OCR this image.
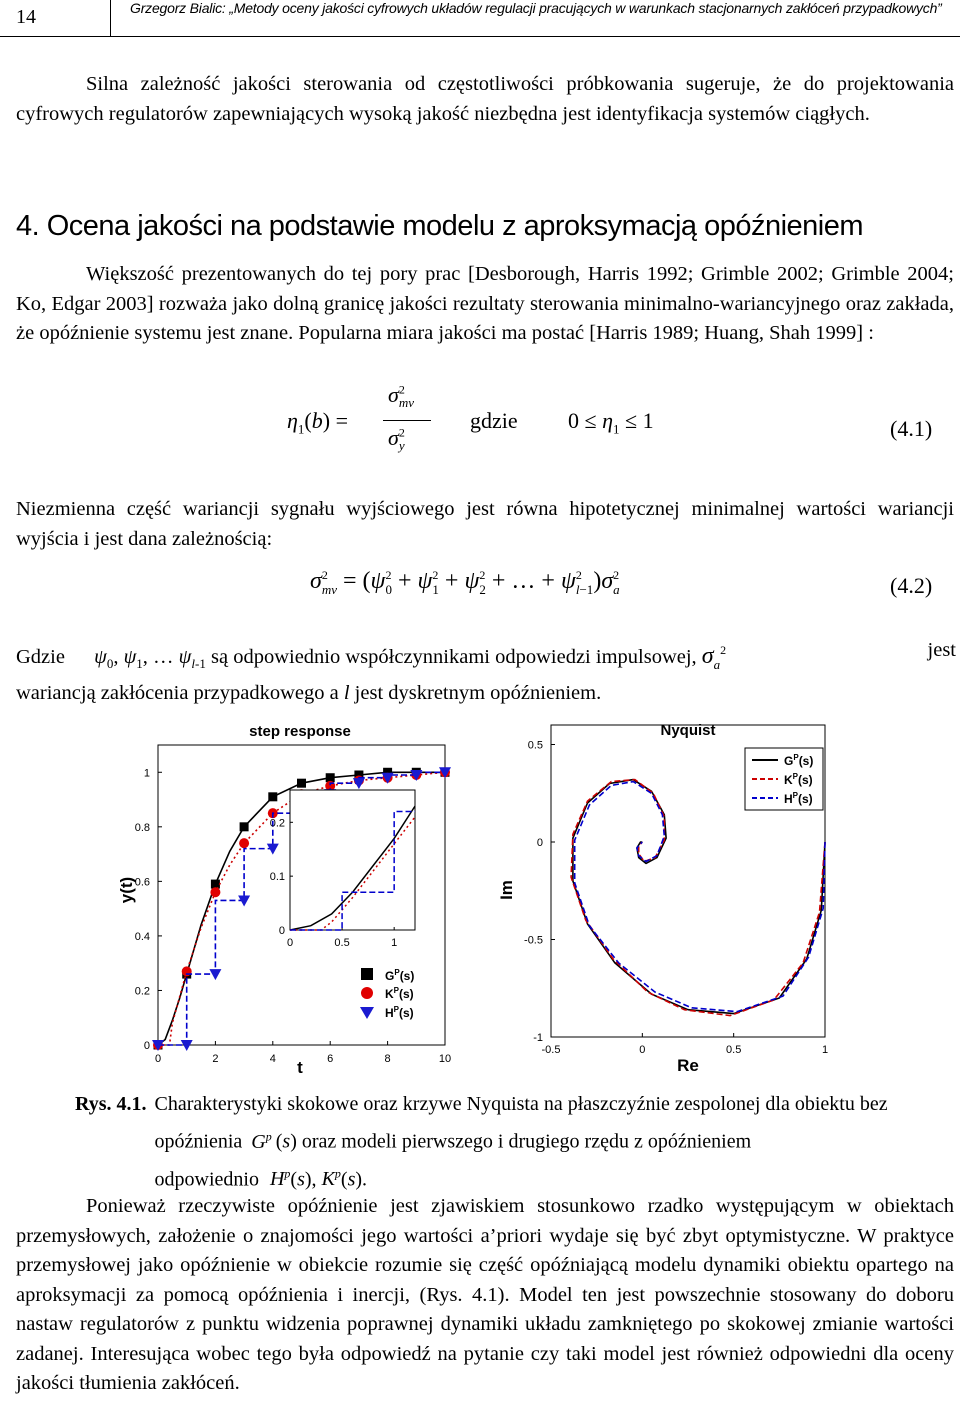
14	Grzegorz Bialic: „Metody oceny jakości cyfrowych układów regulacji pracujących w warunkach stacjonarnych zakłóceń przypadkowych”

Silna zależność jakości sterowania od częstotliwości próbkowania sugeruje, że do projektowania cyfrowych regulatorów zapewniających wysoką jakość niezbędna jest identyfikacja systemów ciągłych.

4. Ocena jakości na podstawie modelu z aproksymacją opóźnieniem

Większość prezentowanych do tej pory prac [Desborough, Harris 1992; Grimble 2002; Grimble 2004; Ko, Edgar 2003] rozważa jako dolną granicę jakości rezultaty sterowania minimalno-wariancyjnego oraz zakłada, że opóźnienie systemu jest znane. Popularna miara jakości ma postać [Harris 1989; Huang, Shah 1999] :

$\eta_1(b)$ =
$\sigma^2_{mv}$
$\sigma^2_y$
gdzie $0 \le \eta_1 \le 1$	(4.1)

Niezmienna część wariancji sygnału wyjściowego jest równa hipotetycznej minimalnej wartości wariancji wyjścia i jest dana zależnością:

$\sigma^2_{mv} = (\psi^2_0 + \psi^2_1 + \psi^2_2$ + … + $\psi^2_{l-1})\sigma^2_a$	(4.2)
Gdzie $\psi_0$, $\psi_1$, … $\psi_{l-1}$ są odpowiednio współczynnikami odpowiedzi impulsowej, $\sigma_a^2$	jest
wariancją zakłócenia przypadkowego a l jest dyskretnym opóźnieniem.
step response
t
y(t)
0	2	4	6	8	10
0
0.2
0.4
0.6
0.8
1
0	0.5	1
0
0.1
0.2
$G^P(s)$
$K^P(s)$
$H^P(s)$
Nyquist
Re
Im
-0.5	0	0.5	1
-1
-0.5
0
0.5
$G^P(s)$
$K^P(s)$
$H^P(s)$
Rys. 4.1. Charakterystyki skokowe oraz krzywe Nyquista na płaszczyźnie zespolonej dla obiektu bez opóźnienia $G^p$ (s) oraz modeli pierwszego i drugiego rzędu z opóźnieniem
odpowiednio $H^p(s)$, $K^p(s)$.

Ponieważ rzeczywiste opóźnienie jest zjawiskiem stosunkowo rzadko występującym w obiektach przemysłowych, założenie o znajomości jego wartości a’priori wydaje się być zbyt optymistyczne. W praktyce przemysłowej jako opóźnienie w obiekcie rozumie się część opóźniającą modelu dynamiki obiektu opartego na aproksymacji za pomocą opóźnienia i inercji, (Rys. 4.1). Model ten jest powszechnie stosowany do doboru nastaw regulatorów z punktu widzenia poprawnej dynamiki układu zamkniętego po skokowej zmianie wartości zadanej. Interesująca wobec tego była odpowiedź na pytanie czy taki model jest również odpowiedni dla oceny jakości tłumienia zakłóceń.
